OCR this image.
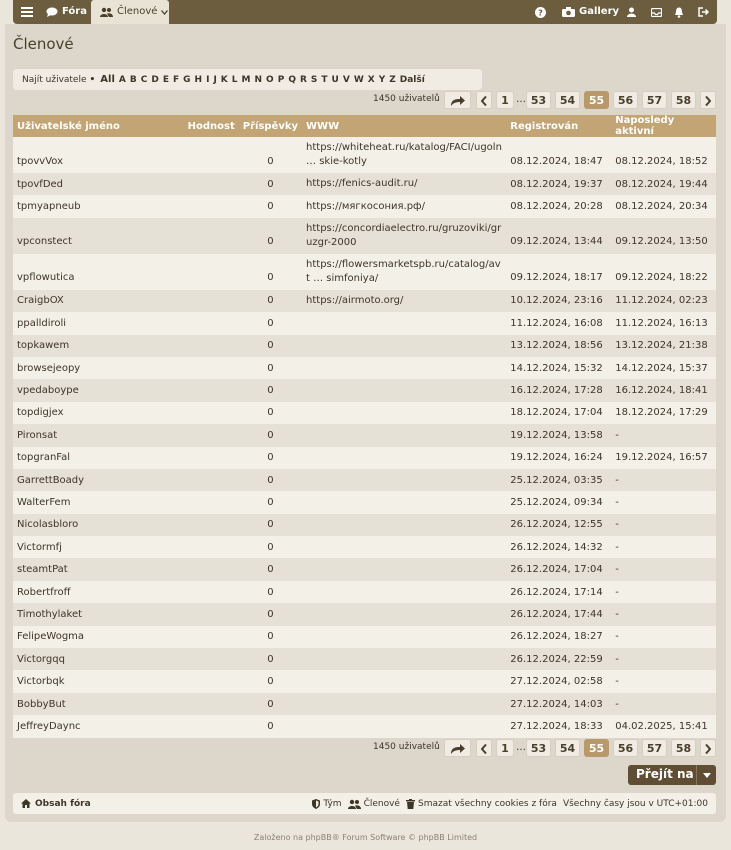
Fóra	Členové	?	Gallery
Členové
Najít uživatele • All A B C D E F G H I J K L M N O P Q R S T U V W X Y Z Další
1450 uživatelů	1 … 53	54	55	56	57	58
Uživatelské jméno	Hodnost	Příspěvky	WWW	Registrován	Naposledy aktivní
tpovvVox		0	https://whiteheat.ru/katalog/FACI/ugoln … skie-kotly	08.12.2024, 18:47	08.12.2024, 18:52
tpovfDed		0	https://fenics-audit.ru/	08.12.2024, 19:37	08.12.2024, 19:44
tpmyapneub		0	https://мягкосония.рф/	08.12.2024, 20:28	08.12.2024, 20:34
vpconstect		0	https://concordiaelectro.ru/gruzoviki/gruzgr-2000	09.12.2024, 13:44	09.12.2024, 13:50
vpflowutica		0	https://flowersmarketspb.ru/catalog/avt … simfoniya/	09.12.2024, 18:17	09.12.2024, 18:22
CraigbOX		0	https://airmoto.org/	10.12.2024, 23:16	11.12.2024, 02:23
ppalldiroli		0		11.12.2024, 16:08	11.12.2024, 16:13
topkawem		0		13.12.2024, 18:56	13.12.2024, 21:38
browsejeopy		0		14.12.2024, 15:32	14.12.2024, 15:37
vpedaboype		0		16.12.2024, 17:28	16.12.2024, 18:41
topdigjex		0		18.12.2024, 17:04	18.12.2024, 17:29
Pironsat		0		19.12.2024, 13:58	-
topgranFal		0		19.12.2024, 16:24	19.12.2024, 16:57
GarrettBoady		0		25.12.2024, 03:35	-
WalterFem		0		25.12.2024, 09:34	-
Nicolasbloro		0		26.12.2024, 12:55	-
Victormfj		0		26.12.2024, 14:32	-
steamtPat		0		26.12.2024, 17:04	-
Robertfroff		0		26.12.2024, 17:14	-
Timothylaket		0		26.12.2024, 17:44	-
FelipeWogma		0		26.12.2024, 18:27	-
Victorgqq		0		26.12.2024, 22:59	-
Victorbqk		0		27.12.2024, 02:58	-
BobbyBut		0		27.12.2024, 14:03	-
JeffreyDaync		0		27.12.2024, 18:33	04.02.2025, 15:41
1450 uživatelů	1 … 53	54	55	56	57	58
Přejít na
Obsah fóra	Tým Členové Smazat všechny cookies z fóra Všechny časy jsou v UTC+01:00
Založeno na phpBB® Forum Software © phpBB Limited
